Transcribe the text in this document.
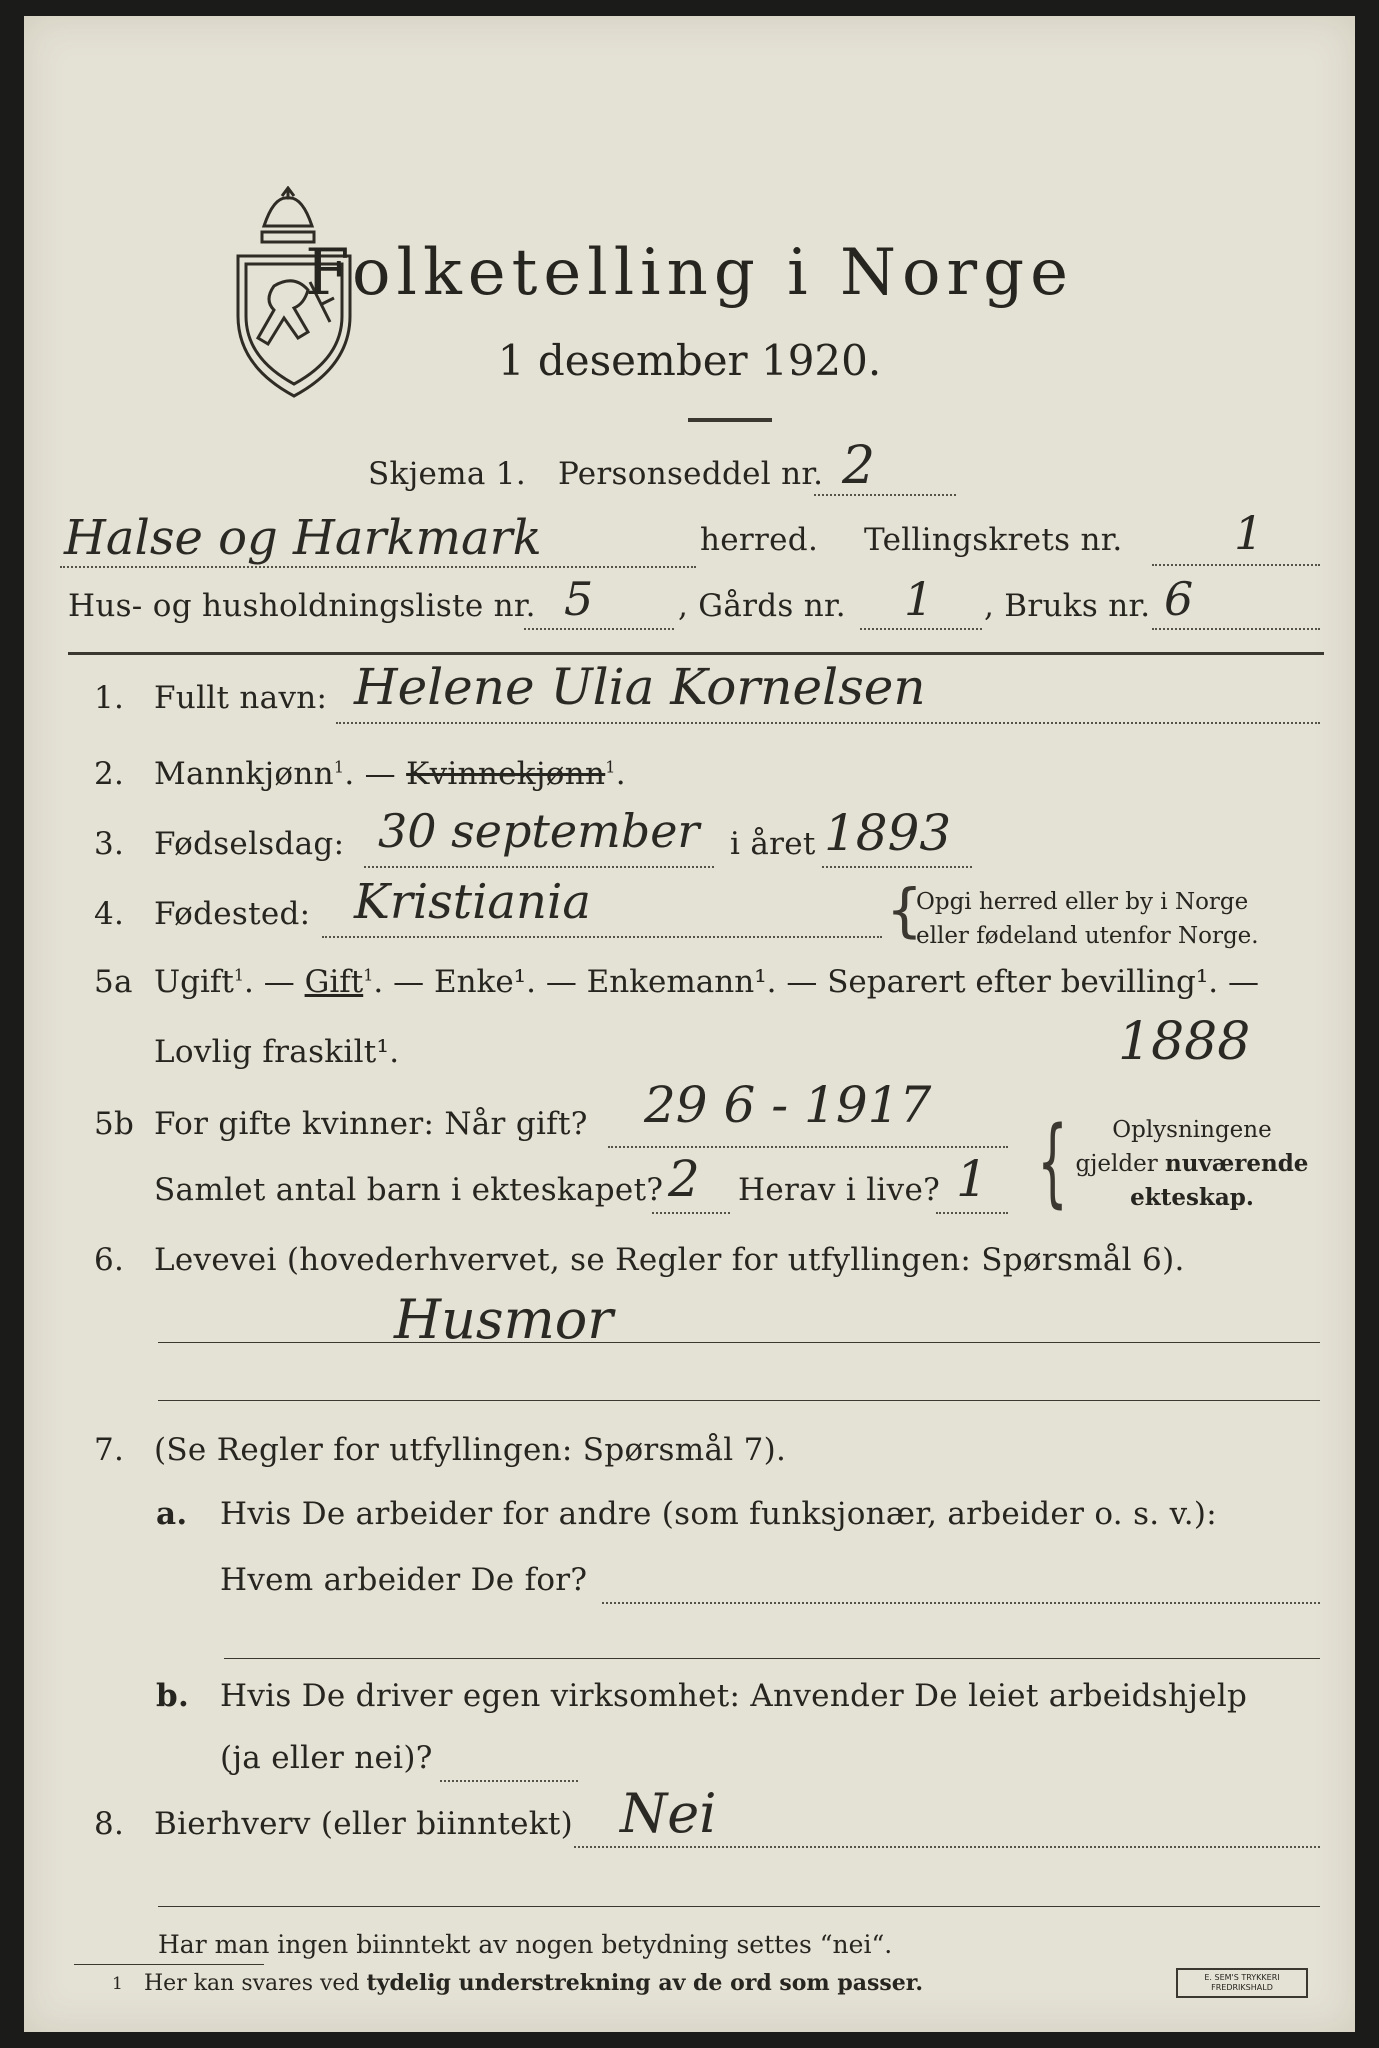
Folketelling i Norge
1 desember 1920.
Skjema 1. Personseddel nr. 2
Halse og Harkmark	herred. Tellingskrets nr. 1
Hus- og husholdningsliste nr. 5	, Gårds nr. 1 , Bruks nr. 6
1. Fullt navn: Helene Ulia Kornelsen
2. Mannkjønn$^1$. — Kvinnekjønn$^1$.
3. Fødselsdag: 30 september i året 1893
4. Fødested: Kristiania	{
Opgi herred eller by i Norge
eller fødeland utenfor Norge.
5a Ugift$^1$. — Gift$^1$. — Enke¹. — Enkemann¹. — Separert efter bevilling¹. —
Lovlig fraskilt¹.	1888
5b For gifte kvinner: Når gift? 29 6 - 1917
Samlet antal barn i ekteskapet? 2 Herav i live? 1 {	Oplysningene
gjelder nuværende
ekteskap.
6. Levevei (hovederhvervet, se Regler for utfyllingen: Spørsmål 6).
Husmor
7. (Se Regler for utfyllingen: Spørsmål 7).
a. Hvis De arbeider for andre (som funksjonær, arbeider o. s. v.):
Hvem arbeider De for?
b. Hvis De driver egen virksomhet: Anvender De leiet arbeidshjelp
(ja eller nei)?
8. Bierhverv (eller biinntekt) Nei
Har man ingen biinntekt av nogen betydning settes “nei“.
1 Her kan svares ved tydelig understrekning av de ord som passer.	E. SEM'S TRYKKERI
FREDRIKSHALD
